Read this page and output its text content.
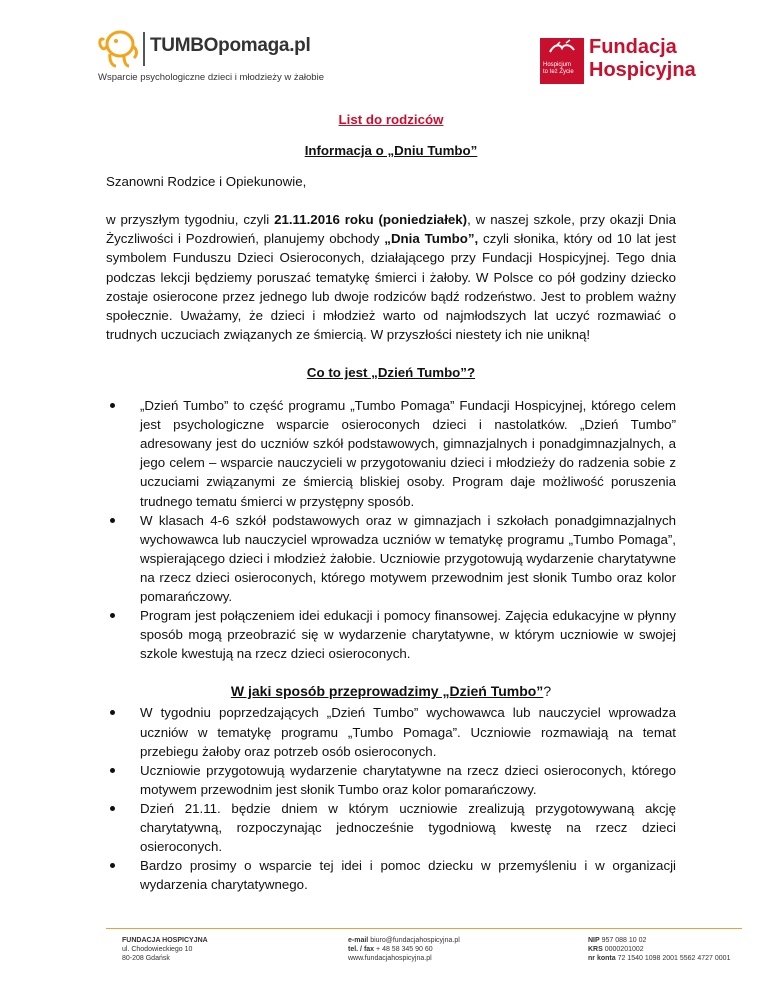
TUMBOpomaga.pl
Wsparcie psychologiczne dzieci i młodzieży w żałobie
Hospicjum
to też Życie
Fundacja
Hospicyjna

List do rodziców

Informacja o „Dniu Tumbo”

Szanowni Rodzice i Opiekunowie,

w przyszłym tygodniu, czyli 21.11.2016 roku (poniedziałek), w naszej szkole, przy okazji Dnia Życzliwości i Pozdrowień, planujemy obchody „Dnia Tumbo”, czyli słonika, który od 10 lat jest symbolem Funduszu Dzieci Osieroconych, działającego przy Fundacji Hospicyjnej. Tego dnia podczas lekcji będziemy poruszać tematykę śmierci i żałoby. W Polsce co pół godziny dziecko zostaje osierocone przez jednego lub dwoje rodziców bądź rodzeństwo. Jest to problem ważny społecznie. Uważamy, że dzieci i młodzież warto od najmłodszych lat uczyć rozmawiać o trudnych uczuciach związanych ze śmiercią. W przyszłości niestety ich nie unikną!

Co to jest „Dzień Tumbo”?

„Dzień Tumbo” to część programu „Tumbo Pomaga” Fundacji Hospicyjnej, którego celem jest psychologiczne wsparcie osieroconych dzieci i nastolatków. „Dzień Tumbo” adresowany jest do uczniów szkół podstawowych, gimnazjalnych i ponadgimnazjalnych, a jego celem – wsparcie nauczycieli w przygotowaniu dzieci i młodzieży do radzenia sobie z uczuciami związanymi ze śmiercią bliskiej osoby. Program daje możliwość poruszenia trudnego tematu śmierci w przystępny sposób.
W klasach 4-6 szkół podstawowych oraz w gimnazjach i szkołach ponadgimnazjalnych wychowawca lub nauczyciel wprowadza uczniów w tematykę programu „Tumbo Pomaga”, wspierającego dzieci i młodzież żałobie. Uczniowie przygotowują wydarzenie charytatywne na rzecz dzieci osieroconych, którego motywem przewodnim jest słonik Tumbo oraz kolor pomarańczowy.
Program jest połączeniem idei edukacji i pomocy finansowej. Zajęcia edukacyjne w płynny sposób mogą przeobrazić się w wydarzenie charytatywne, w którym uczniowie w swojej szkole kwestują na rzecz dzieci osieroconych.

W jaki sposób przeprowadzimy „Dzień Tumbo”?

W tygodniu poprzedzających „Dzień Tumbo” wychowawca lub nauczyciel wprowadza uczniów w tematykę programu „Tumbo Pomaga”. Uczniowie rozmawiają na temat przebiegu żałoby oraz potrzeb osób osieroconych.
Uczniowie przygotowują wydarzenie charytatywne na rzecz dzieci osieroconych, którego motywem przewodnim jest słonik Tumbo oraz kolor pomarańczowy.
Dzień 21.11. będzie dniem w którym uczniowie zrealizują przygotowywaną akcję charytatywną, rozpoczynając jednocześnie tygodniową kwestę na rzecz dzieci osieroconych.
Bardzo prosimy o wsparcie tej idei i pomoc dziecku w przemyśleniu i w organizacji wydarzenia charytatywnego.
FUNDACJA HOSPICYJNA
ul. Chodowieckiego 10
80-208 Gdańsk
e-mail biuro@fundacjahospicyjna.pl
tel. / fax + 48 58 345 90 60
www.fundacjahospicyjna.pl
NIP 957 088 10 02
KRS 0000201002
nr konta 72 1540 1098 2001 5562 4727 0001
